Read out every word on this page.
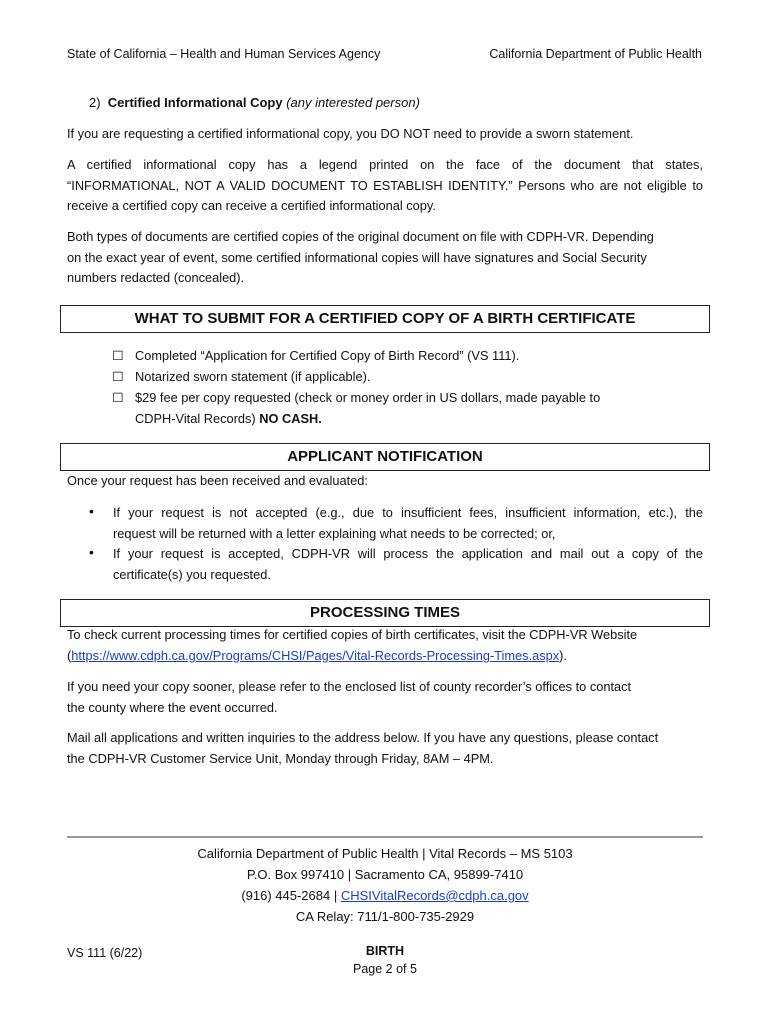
State of California – Health and Human Services Agency	California Department of Public Health
2) Certified Informational Copy (any interested person)
If you are requesting a certified informational copy, you DO NOT need to provide a sworn statement.
A certified informational copy has a legend printed on the face of the document that states,
“INFORMATIONAL, NOT A VALID DOCUMENT TO ESTABLISH IDENTITY.” Persons who are not eligible to
receive a certified copy can receive a certified informational copy.
Both types of documents are certified copies of the original document on file with CDPH-VR. Depending
on the exact year of event, some certified informational copies will have signatures and Social Security
numbers redacted (concealed).
WHAT TO SUBMIT FOR A CERTIFIED COPY OF A BIRTH CERTIFICATE
☐ Completed “Application for Certified Copy of Birth Record” (VS 111).
☐ Notarized sworn statement (if applicable).
☐ $29 fee per copy requested (check or money order in US dollars, made payable to
CDPH-Vital Records) NO CASH.
APPLICANT NOTIFICATION
Once your request has been received and evaluated:
• If your request is not accepted (e.g., due to insufficient fees, insufficient information, etc.), the
request will be returned with a letter explaining what needs to be corrected; or,
• If your request is accepted, CDPH-VR will process the application and mail out a copy of the
certificate(s) you requested.
PROCESSING TIMES
To check current processing times for certified copies of birth certificates, visit the CDPH-VR Website
(https://www.cdph.ca.gov/Programs/CHSI/Pages/Vital-Records-Processing-Times.aspx).
If you need your copy sooner, please refer to the enclosed list of county recorder’s offices to contact
the county where the event occurred.
Mail all applications and written inquiries to the address below. If you have any questions, please contact
the CDPH-VR Customer Service Unit, Monday through Friday, 8AM – 4PM.
California Department of Public Health | Vital Records – MS 5103
P.O. Box 997410 | Sacramento CA, 95899-7410
(916) 445-2684 | CHSIVitalRecords@cdph.ca.gov
CA Relay: 711/1-800-735-2929
VS 111 (6/22)	BIRTH
Page 2 of 5
